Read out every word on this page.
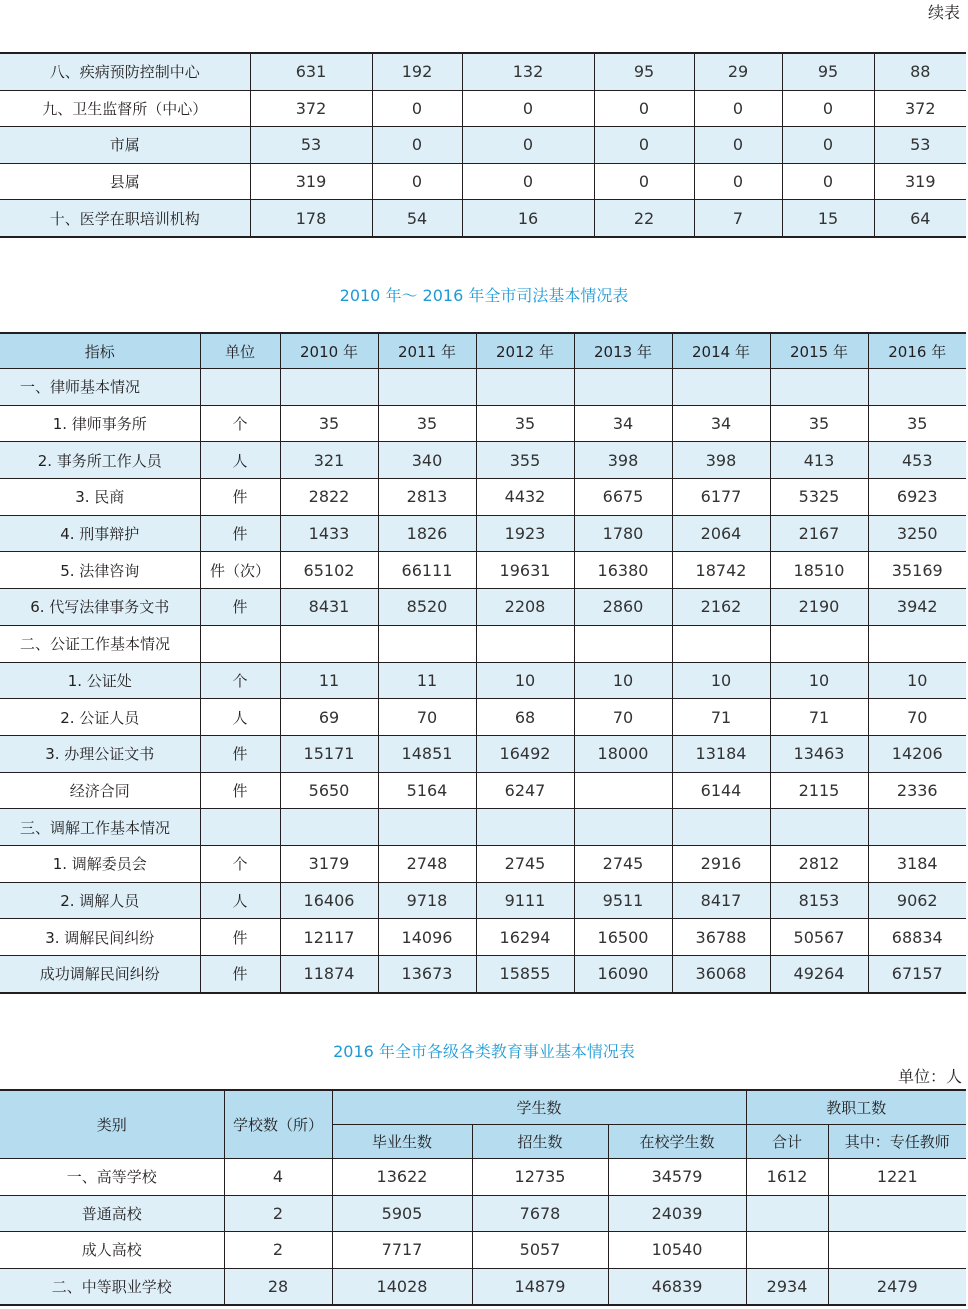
续表
八、疾病预防控制中心	631	192	132	95	29	95	88
九、卫生监督所（中心）	372	0	0	0	0	0	372
市属	53	0	0	0	0	0	53
县属	319	0	0	0	0	0	319
十、医学在职培训机构	178	54	16	22	7	15	64
2010 年～ 2016 年全市司法基本情况表
指标	单位	2010 年	2011 年	2012 年	2013 年	2014 年	2015 年	2016 年
一、律师基本情况								
1. 律师事务所	个	35	35	35	34	34	35	35
2. 事务所工作人员	人	321	340	355	398	398	413	453
3. 民商	件	2822	2813	4432	6675	6177	5325	6923
4. 刑事辩护	件	1433	1826	1923	1780	2064	2167	3250
5. 法律咨询	件（次）	65102	66111	19631	16380	18742	18510	35169
6. 代写法律事务文书	件	8431	8520	2208	2860	2162	2190	3942
二、公证工作基本情况								
1. 公证处	个	11	11	10	10	10	10	10
2. 公证人员	人	69	70	68	70	71	71	70
3. 办理公证文书	件	15171	14851	16492	18000	13184	13463	14206
经济合同	件	5650	5164	6247		6144	2115	2336
三、调解工作基本情况								
1. 调解委员会	个	3179	2748	2745	2745	2916	2812	3184
2. 调解人员	人	16406	9718	9111	9511	8417	8153	9062
3. 调解民间纠纷	件	12117	14096	16294	16500	36788	50567	68834
成功调解民间纠纷	件	11874	13673	15855	16090	36068	49264	67157
2016 年全市各级各类教育事业基本情况表
单位：人
类别	学校数（所）	学生数			教职工数	
		毕业生数	招生数	在校学生数	合计	其中：专任教师
一、高等学校	4	13622	12735	34579	1612	1221
普通高校	2	5905	7678	24039		
成人高校	2	7717	5057	10540		
二、中等职业学校	28	14028	14879	46839	2934	2479
